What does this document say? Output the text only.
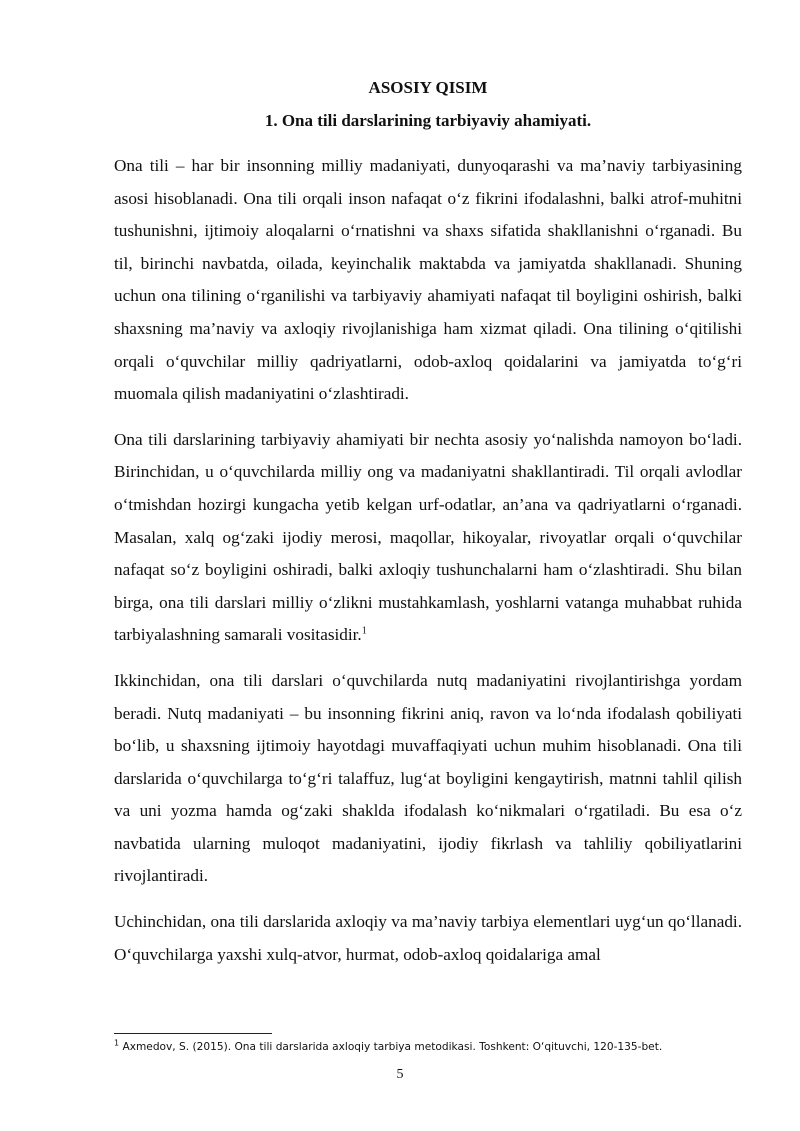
ASOSIY QISIM

1. Ona tili darslarining tarbiyaviy ahamiyati.

Ona tili – har bir insonning milliy madaniyati, dunyoqarashi va ma’naviy tarbiyasining asosi hisoblanadi. Ona tili orqali inson nafaqat o‘z fikrini ifodalashni, balki atrof-muhitni tushunishni, ijtimoiy aloqalarni o‘rnatishni va shaxs sifatida shakllanishni o‘rganadi. Bu til, birinchi navbatda, oilada, keyinchalik maktabda va jamiyatda shakllanadi. Shuning uchun ona tilining o‘rganilishi va tarbiyaviy ahamiyati nafaqat til boyligini oshirish, balki shaxsning ma’naviy va axloqiy rivojlanishiga ham xizmat qiladi. Ona tilining o‘qitilishi orqali o‘quvchilar milliy qadriyatlarni, odob-axloq qoidalarini va jamiyatda to‘g‘ri muomala qilish madaniyatini o‘zlashtiradi.

Ona tili darslarining tarbiyaviy ahamiyati bir nechta asosiy yo‘nalishda namoyon bo‘ladi. Birinchidan, u o‘quvchilarda milliy ong va madaniyatni shakllantiradi. Til orqali avlodlar o‘tmishdan hozirgi kungacha yetib kelgan urf-odatlar, an’ana va qadriyatlarni o‘rganadi. Masalan, xalq og‘zaki ijodiy merosi, maqollar, hikoyalar, rivoyatlar orqali o‘quvchilar nafaqat so‘z boyligini oshiradi, balki axloqiy tushunchalarni ham o‘zlashtiradi. Shu bilan birga, ona tili darslari milliy o‘zlikni mustahkamlash, yoshlarni vatanga muhabbat ruhida tarbiyalashning samarali vositasidir.$^1$

Ikkinchidan, ona tili darslari o‘quvchilarda nutq madaniyatini rivojlantirishga yordam beradi. Nutq madaniyati – bu insonning fikrini aniq, ravon va lo‘nda ifodalash qobiliyati bo‘lib, u shaxsning ijtimoiy hayotdagi muvaffaqiyati uchun muhim hisoblanadi. Ona tili darslarida o‘quvchilarga to‘g‘ri talaffuz, lug‘at boyligini kengaytirish, matnni tahlil qilish va uni yozma hamda og‘zaki shaklda ifodalash ko‘nikmalari o‘rgatiladi. Bu esa o‘z navbatida ularning muloqot madaniyatini, ijodiy fikrlash va tahliliy qobiliyatlarini rivojlantiradi.

Uchinchidan, ona tili darslarida axloqiy va ma’naviy tarbiya elementlari uyg‘un qo‘llanadi. O‘quvchilarga yaxshi xulq-atvor, hurmat, odob-axloq qoidalariga amal

$^1$ Axmedov, S. (2015). Ona tili darslarida axloqiy tarbiya metodikasi. Toshkent: O‘qituvchi, 120-135-bet.

5
